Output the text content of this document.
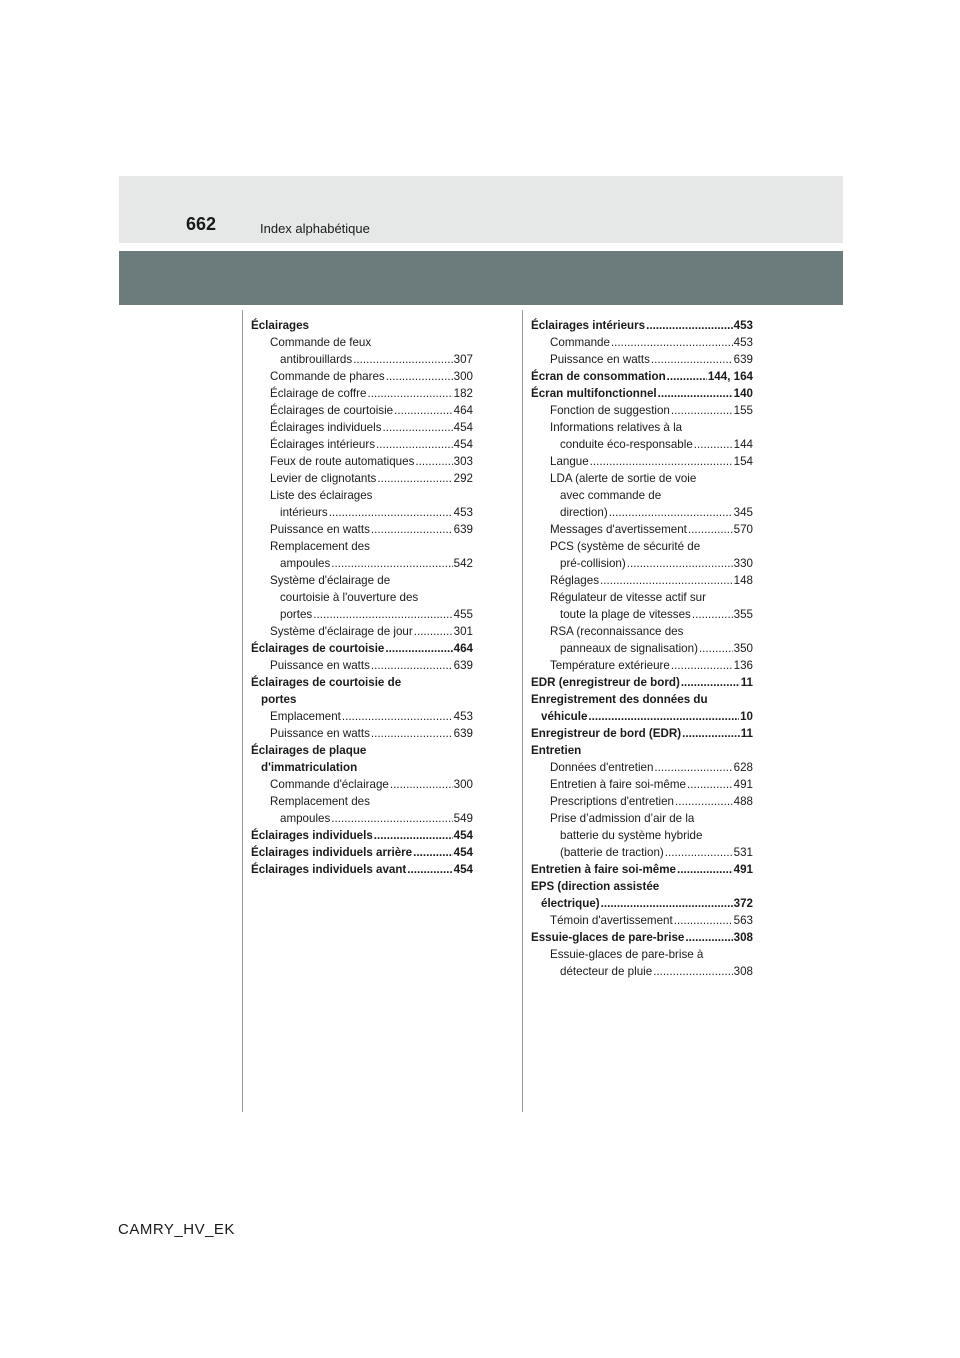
662	Index alphabétique
Éclairages
Commande de feux
antibrouillards . . .	307
Commande de phares . . .	300
Éclairage de coffre . . .	182
Éclairages de courtoisie . . .	464
Éclairages individuels . . .	454
Éclairages intérieurs . . .	454
Feux de route automatiques . . .	303
Levier de clignotants . . .	292
Liste des éclairages
intérieurs . . .	453
Puissance en watts . . .	639
Remplacement des
ampoules . . .	542
Système d'éclairage de
courtoisie à l'ouverture des
portes . . .	455
Système d'éclairage de jour . . .	301
Éclairages de courtoisie . . .	464
Puissance en watts . . .	639
Éclairages de courtoisie de
portes
Emplacement . . .	453
Puissance en watts . . .	639
Éclairages de plaque
d'immatriculation
Commande d'éclairage . . .	300
Remplacement des
ampoules . . .	549
Éclairages individuels . . .	454
Éclairages individuels arrière . . .	454
Éclairages individuels avant . . .	454
Éclairages intérieurs . . .	453
Commande . . .	453
Puissance en watts . . .	639
Écran de consommation . . .	144, 164
Écran multifonctionnel . . .	140
Fonction de suggestion . . .	155
Informations relatives à la
conduite éco-responsable . . .	144
Langue . . .	154
LDA (alerte de sortie de voie
avec commande de
direction) . . .	345
Messages d'avertissement . . .	570
PCS (système de sécurité de
pré-collision) . . .	330
Réglages . . .	148
Régulateur de vitesse actif sur
toute la plage de vitesses . . .	355
RSA (reconnaissance des
panneaux de signalisation) . . .	350
Température extérieure . . .	136
EDR (enregistreur de bord) . . .	11
Enregistrement des données du
véhicule . . .	10
Enregistreur de bord (EDR) . . .	11
Entretien
Données d'entretien . . .	628
Entretien à faire soi-même . . .	491
Prescriptions d'entretien . . .	488
Prise d’admission d’air de la
batterie du système hybride
(batterie de traction) . . .	531
Entretien à faire soi-même . . .	491
EPS (direction assistée
électrique) . . .	372
Témoin d'avertissement . . .	563
Essuie-glaces de pare-brise . . .	308
Essuie-glaces de pare-brise à
détecteur de pluie . . .	308
CAMRY_HV_EK
